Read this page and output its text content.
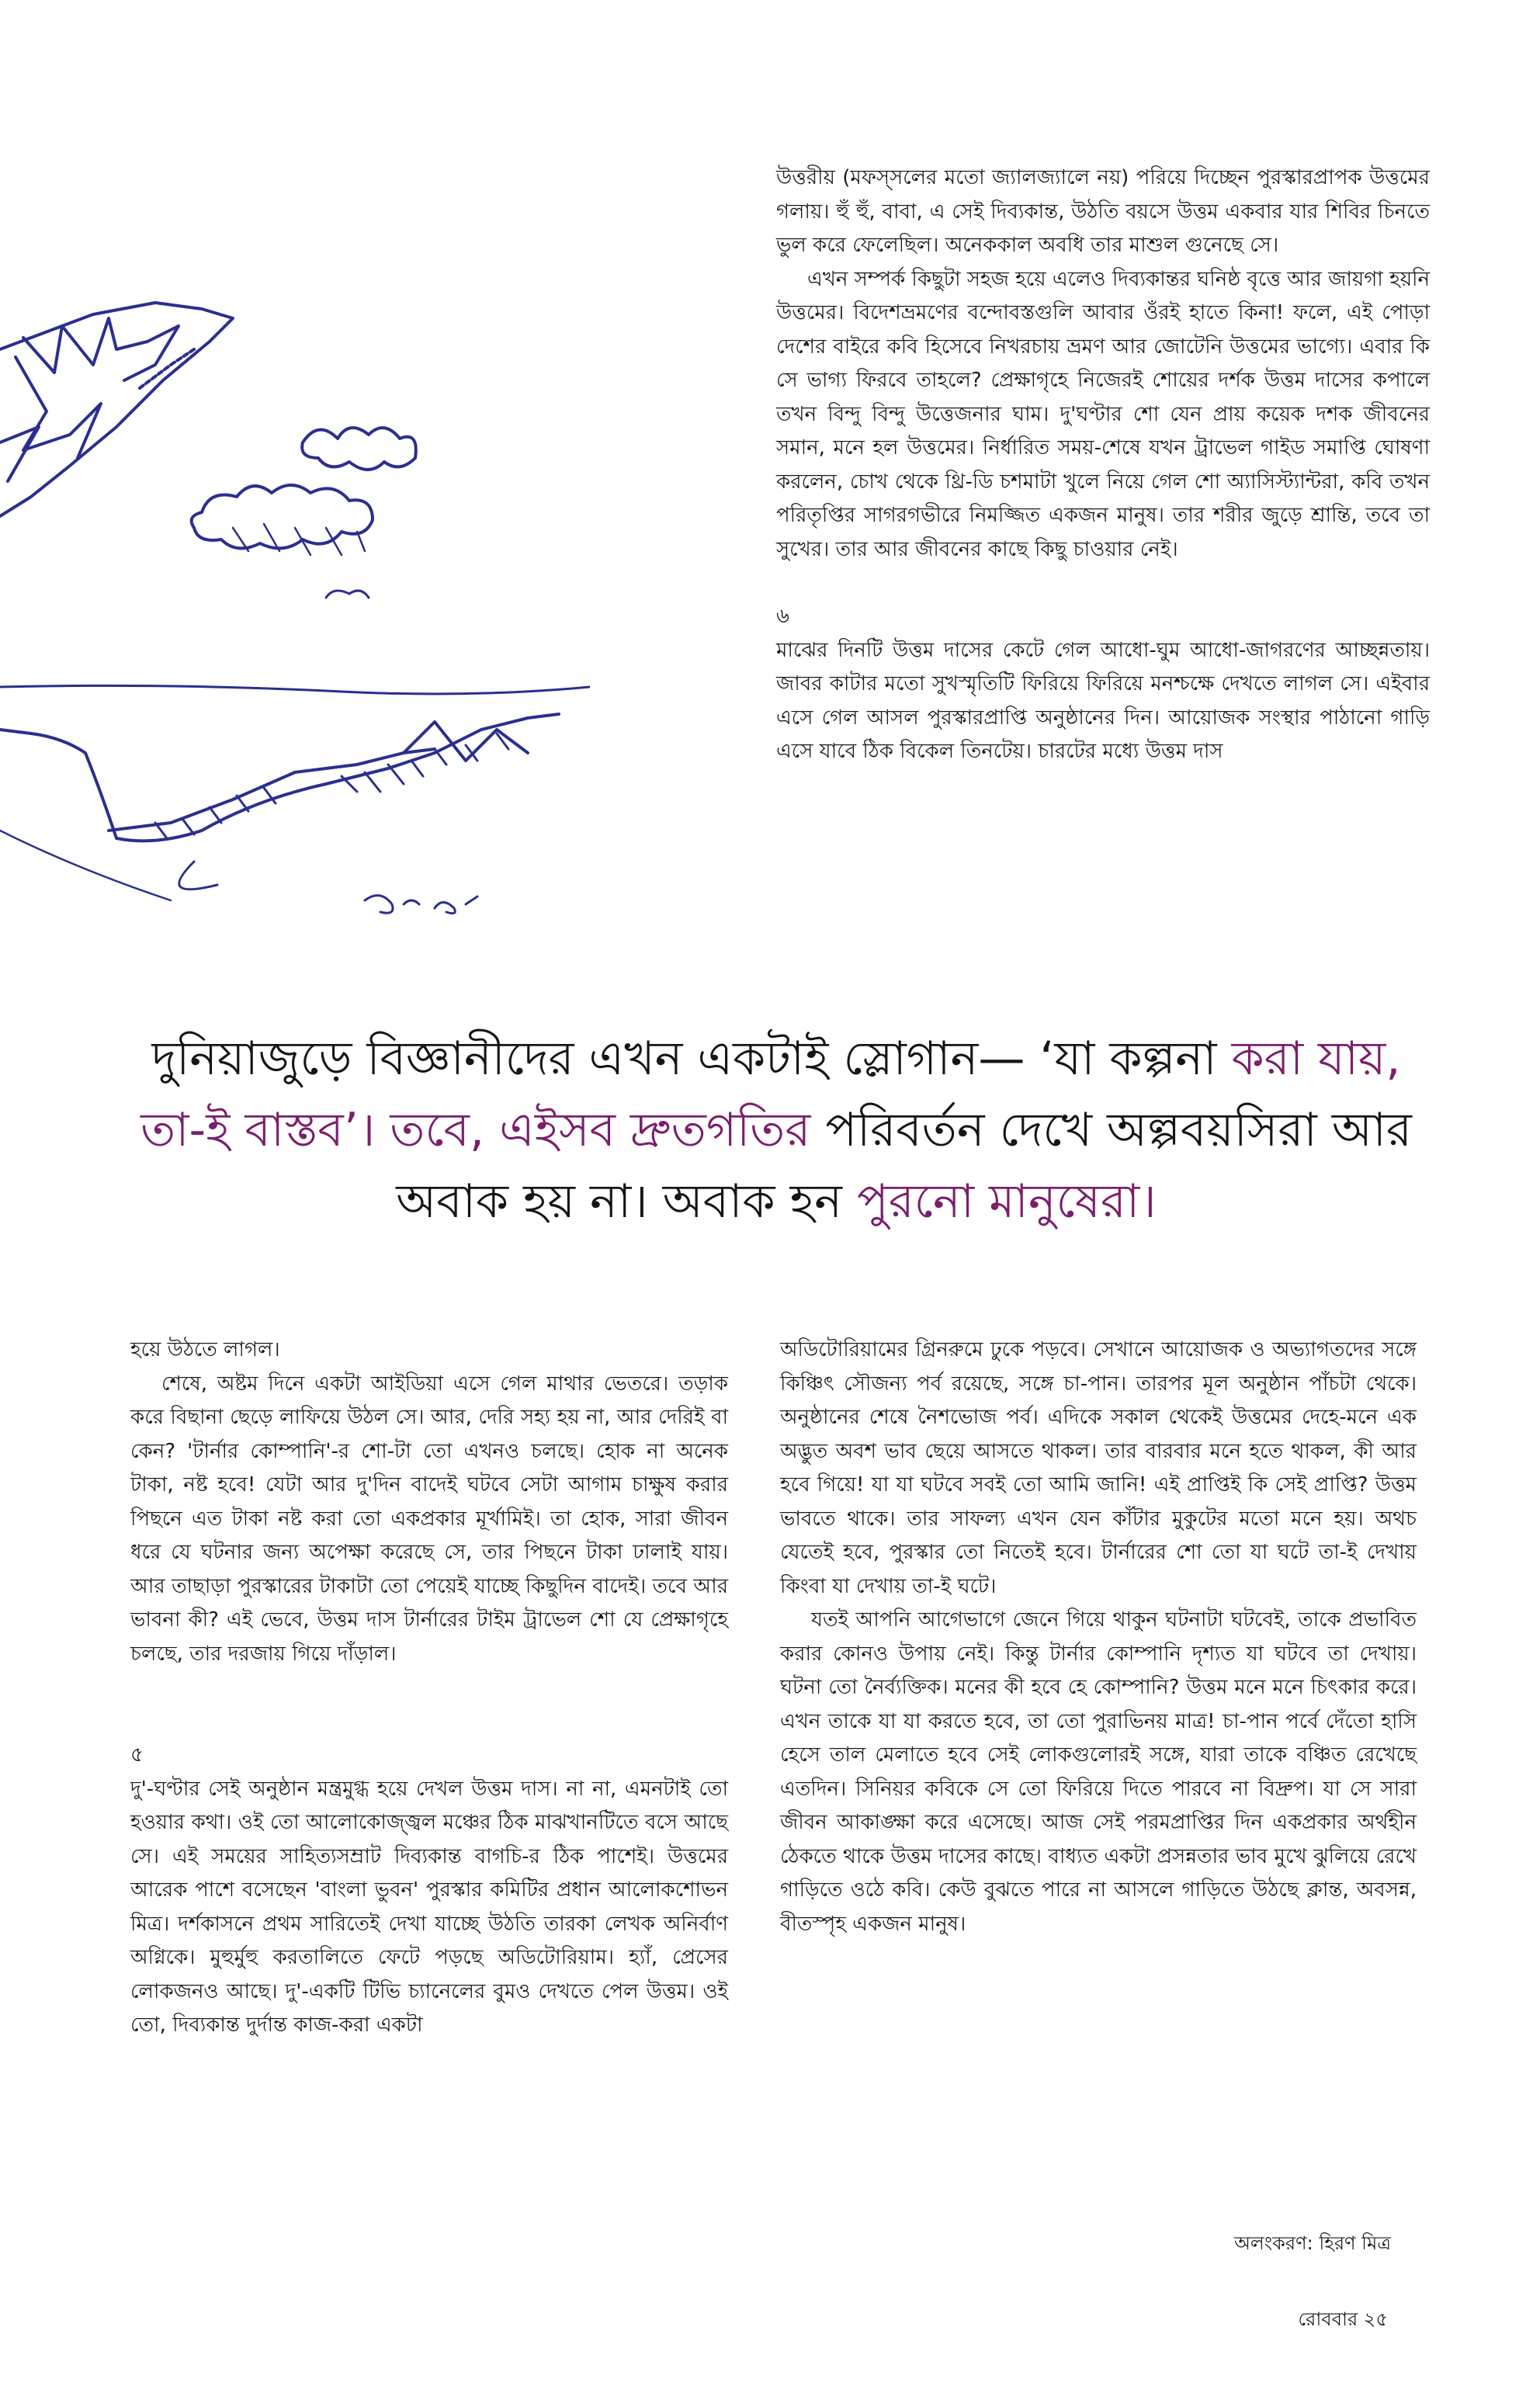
উত্তরীয় (মফস্‌সলের মতো জ্যালজ্যালে নয়) পরিয়ে দিচ্ছেন পুরস্কারপ্রাপক উত্তমের গলায়। হুঁ হুঁ, বাবা, এ সেই দিব্যকান্ত, উঠতি বয়সে উত্তম একবার যার শিবির চিনতে ভুল করে ফেলেছিল। অনেককাল অবধি তার মাশুল গুনেছে সে।

এখন সম্পর্ক কিছুটা সহজ হয়ে এলেও দিব্যকান্তর ঘনিষ্ঠ বৃত্তে আর জায়গা হয়নি উত্তমের। বিদেশভ্রমণের বন্দোবস্তগুলি আবার ওঁরই হাতে কিনা! ফলে, এই পোড়া দেশের বাইরে কবি হিসেবে নিখরচায় ভ্রমণ আর জোটেনি উত্তমের ভাগ্যে। এবার কি সে ভাগ্য ফিরবে তাহলে? প্রেক্ষাগৃহে নিজেরই শোয়ের দর্শক উত্তম দাসের কপালে তখন বিন্দু বিন্দু উত্তেজনার ঘাম। দু'ঘণ্টার শো যেন প্রায় কয়েক দশক জীবনের সমান, মনে হল উত্তমের। নির্ধারিত সময়-শেষে যখন ট্রাভেল গাইড সমাপ্তি ঘোষণা করলেন, চোখ থেকে থ্রি-ডি চশমাটা খুলে নিয়ে গেল শো অ্যাসিস্ট্যান্টরা, কবি তখন পরিতৃপ্তির সাগরগভীরে নিমজ্জিত একজন মানুষ। তার শরীর জুড়ে শ্রান্তি, তবে তা সুখের। তার আর জীবনের কাছে কিছু চাওয়ার নেই।

৬

মাঝের দিনটি উত্তম দাসের কেটে গেল আধো-ঘুম আধো-জাগরণের আচ্ছন্নতায়। জাবর কাটার মতো সুখস্মৃতিটি ফিরিয়ে ফিরিয়ে মনশ্চক্ষে দেখতে লাগল সে। এইবার এসে গেল আসল পুরস্কারপ্রাপ্তি অনুষ্ঠানের দিন। আয়োজক সংস্থার পাঠানো গাড়ি এসে যাবে ঠিক বিকেল তিনটেয়। চারটের মধ্যে উত্তম দাস

দুনিয়াজুড়ে বিজ্ঞানীদের এখন একটাই স্লোগান— ‘যা কল্পনা করা যায়, তা-ই বাস্তব’। তবে, এইসব দ্রুতগতির পরিবর্তন দেখে অল্পবয়সিরা আর অবাক হয় না। অবাক হন পুরনো মানুষেরা।

হয়ে উঠতে লাগল।

শেষে, অষ্টম দিনে একটা আইডিয়া এসে গেল মাথার ভেতরে। তড়াক করে বিছানা ছেড়ে লাফিয়ে উঠল সে। আর, দেরি সহ্য হয় না, আর দেরিই বা কেন? 'টার্নার কোম্পানি'-র শো-টা তো এখনও চলছে। হোক না অনেক টাকা, নষ্ট হবে! যেটা আর দু'দিন বাদেই ঘটবে সেটা আগাম চাক্ষুষ করার পিছনে এত টাকা নষ্ট করা তো একপ্রকার মূর্খামিই। তা হোক, সারা জীবন ধরে যে ঘটনার জন্য অপেক্ষা করেছে সে, তার পিছনে টাকা ঢালাই যায়। আর তাছাড়া পুরস্কারের টাকাটা তো পেয়েই যাচ্ছে কিছুদিন বাদেই। তবে আর ভাবনা কী? এই ভেবে, উত্তম দাস টার্নারের টাইম ট্রাভেল শো যে প্রেক্ষাগৃহে চলছে, তার দরজায় গিয়ে দাঁড়াল।

৫

দু'-ঘণ্টার সেই অনুষ্ঠান মন্ত্রমুগ্ধ হয়ে দেখল উত্তম দাস। না না, এমনটাই তো হওয়ার কথা। ওই তো আলোকোজ্জ্বল মঞ্চের ঠিক মাঝখানটিতে বসে আছে সে। এই সময়ের সাহিত্যসম্রাট দিব্যকান্ত বাগচি-র ঠিক পাশেই। উত্তমের আরেক পাশে বসেছেন 'বাংলা ভুবন' পুরস্কার কমিটির প্রধান আলোকশোভন মিত্র। দর্শকাসনে প্রথম সারিতেই দেখা যাচ্ছে উঠতি তারকা লেখক অনির্বাণ অগ্নিকে। মুহুর্মুহু করতালিতে ফেটে পড়ছে অডিটোরিয়াম। হ্যাঁ, প্রেসের লোকজনও আছে। দু'-একটি টিভি চ্যানেলের বুমও দেখতে পেল উত্তম। ওই তো, দিব্যকান্ত দুর্দান্ত কাজ-করা একটা

অডিটোরিয়ামের গ্রিনরুমে ঢুকে পড়বে। সেখানে আয়োজক ও অভ্যাগতদের সঙ্গে কিঞ্চিৎ সৌজন্য পর্ব রয়েছে, সঙ্গে চা-পান। তারপর মূল অনুষ্ঠান পাঁচটা থেকে। অনুষ্ঠানের শেষে নৈশভোজ পর্ব। এদিকে সকাল থেকেই উত্তমের দেহে-মনে এক অদ্ভুত অবশ ভাব ছেয়ে আসতে থাকল। তার বারবার মনে হতে থাকল, কী আর হবে গিয়ে! যা যা ঘটবে সবই তো আমি জানি! এই প্রাপ্তিই কি সেই প্রাপ্তি? উত্তম ভাবতে থাকে। তার সাফল্য এখন যেন কাঁটার মুকুটের মতো মনে হয়। অথচ যেতেই হবে, পুরস্কার তো নিতেই হবে। টার্নারের শো তো যা ঘটে তা-ই দেখায় কিংবা যা দেখায় তা-ই ঘটে।

যতই আপনি আগেভাগে জেনে গিয়ে থাকুন ঘটনাটা ঘটবেই, তাকে প্রভাবিত করার কোনও উপায় নেই। কিন্তু টার্নার কোম্পানি দৃশ্যত যা ঘটবে তা দেখায়। ঘটনা তো নৈর্ব্যক্তিক। মনের কী হবে হে কোম্পানি? উত্তম মনে মনে চিৎকার করে। এখন তাকে যা যা করতে হবে, তা তো পুরাভিনয় মাত্র! চা-পান পর্বে দেঁতো হাসি হেসে তাল মেলাতে হবে সেই লোকগুলোরই সঙ্গে, যারা তাকে বঞ্চিত রেখেছে এতদিন। সিনিয়র কবিকে সে তো ফিরিয়ে দিতে পারবে না বিদ্রুপ। যা সে সারা জীবন আকাঙ্ক্ষা করে এসেছে। আজ সেই পরমপ্রাপ্তির দিন একপ্রকার অর্থহীন ঠেকতে থাকে উত্তম দাসের কাছে। বাধ্যত একটা প্রসন্নতার ভাব মুখে ঝুলিয়ে রেখে গাড়িতে ওঠে কবি। কেউ বুঝতে পারে না আসলে গাড়িতে উঠছে ক্লান্ত, অবসন্ন, বীতস্পৃহ একজন মানুষ।

অলংকরণ: হিরণ মিত্র
রোববার ২৫
